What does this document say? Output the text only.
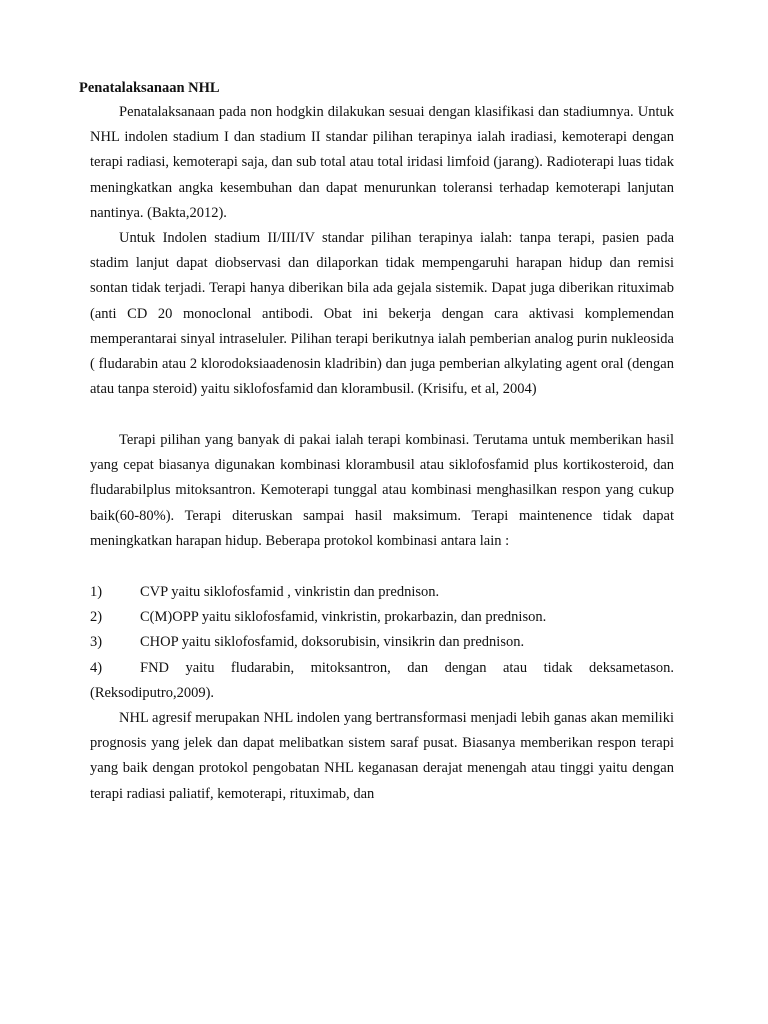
Penatalaksanaan NHL

Penatalaksanaan pada non hodgkin dilakukan sesuai dengan klasifikasi dan stadiumnya. Untuk NHL indolen stadium I dan stadium II standar pilihan terapinya ialah iradiasi, kemoterapi dengan terapi radiasi, kemoterapi saja, dan sub total atau total iridasi limfoid (jarang). Radioterapi luas tidak meningkatkan angka kesembuhan dan dapat menurunkan toleransi terhadap kemoterapi lanjutan nantinya. (Bakta,2012).

Untuk Indolen stadium II/III/IV standar pilihan terapinya ialah: tanpa terapi, pasien pada stadim lanjut dapat diobservasi dan dilaporkan tidak mempengaruhi harapan hidup dan remisi sontan tidak terjadi. Terapi hanya diberikan bila ada gejala sistemik. Dapat juga diberikan rituximab (anti CD 20 monoclonal antibodi. Obat ini bekerja dengan cara aktivasi komplemendan memperantarai sinyal intraseluler. Pilihan terapi berikutnya ialah pemberian analog purin nukleosida ( fludarabin atau 2 klorodoksiaadenosin kladribin) dan juga pemberian alkylating agent oral (dengan atau tanpa steroid) yaitu siklofosfamid dan klorambusil. (Krisifu, et al, 2004)

Terapi pilihan yang banyak di pakai ialah terapi kombinasi. Terutama untuk memberikan hasil yang cepat biasanya digunakan kombinasi klorambusil atau siklofosfamid plus kortikosteroid, dan fludarabilplus mitoksantron. Kemoterapi tunggal atau kombinasi menghasilkan respon yang cukup baik(60-80%). Terapi diteruskan sampai hasil maksimum. Terapi maintenence tidak dapat meningkatkan harapan hidup. Beberapa protokol kombinasi antara lain :

1)	CVP yaitu siklofosfamid , vinkristin dan prednison.
2)	C(M)OPP yaitu siklofosfamid, vinkristin, prokarbazin, dan prednison.
3)	CHOP yaitu siklofosfamid, doksorubisin, vinsikrin dan prednison.
4)	FND yaitu fludarabin, mitoksantron, dan dengan atau tidak deksametason.
(Reksodiputro,2009).

NHL agresif merupakan NHL indolen yang bertransformasi menjadi lebih ganas akan memiliki prognosis yang jelek dan dapat melibatkan sistem saraf pusat. Biasanya memberikan respon terapi yang baik dengan protokol pengobatan NHL keganasan derajat menengah atau tinggi yaitu dengan terapi radiasi paliatif, kemoterapi, rituximab, dan
